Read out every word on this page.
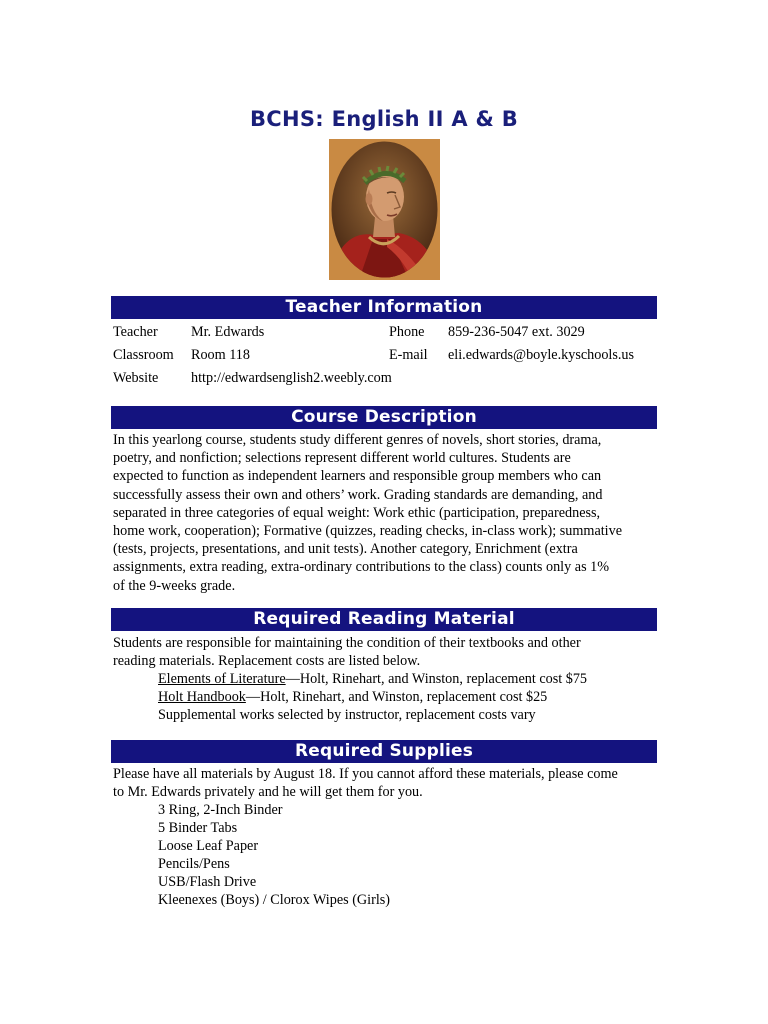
BCHS: English II A & B
Teacher Information
Teacher Mr. Edwards	Phone 859-236-5047 ext. 3029
Classroom Room 118	E-mail eli.edwards@boyle.kyschools.us
Website http://edwardsenglish2.weebly.com
Course Description
In this yearlong course, students study different genres of novels, short stories, drama,
poetry, and nonfiction; selections represent different world cultures. Students are
expected to function as independent learners and responsible group members who can
successfully assess their own and others’ work. Grading standards are demanding, and
separated in three categories of equal weight: Work ethic (participation, preparedness,
home work, cooperation); Formative (quizzes, reading checks, in-class work); summative
(tests, projects, presentations, and unit tests). Another category, Enrichment (extra
assignments, extra reading, extra-ordinary contributions to the class) counts only as 1%
of the 9-weeks grade.
Required Reading Material
Students are responsible for maintaining the condition of their textbooks and other
reading materials. Replacement costs are listed below.
Elements of Literature—Holt, Rinehart, and Winston, replacement cost $75
Holt Handbook—Holt, Rinehart, and Winston, replacement cost $25
Supplemental works selected by instructor, replacement costs vary
Required Supplies
Please have all materials by August 18. If you cannot afford these materials, please come
to Mr. Edwards privately and he will get them for you.
3 Ring, 2-Inch Binder
5 Binder Tabs
Loose Leaf Paper
Pencils/Pens
USB/Flash Drive
Kleenexes (Boys) / Clorox Wipes (Girls)
